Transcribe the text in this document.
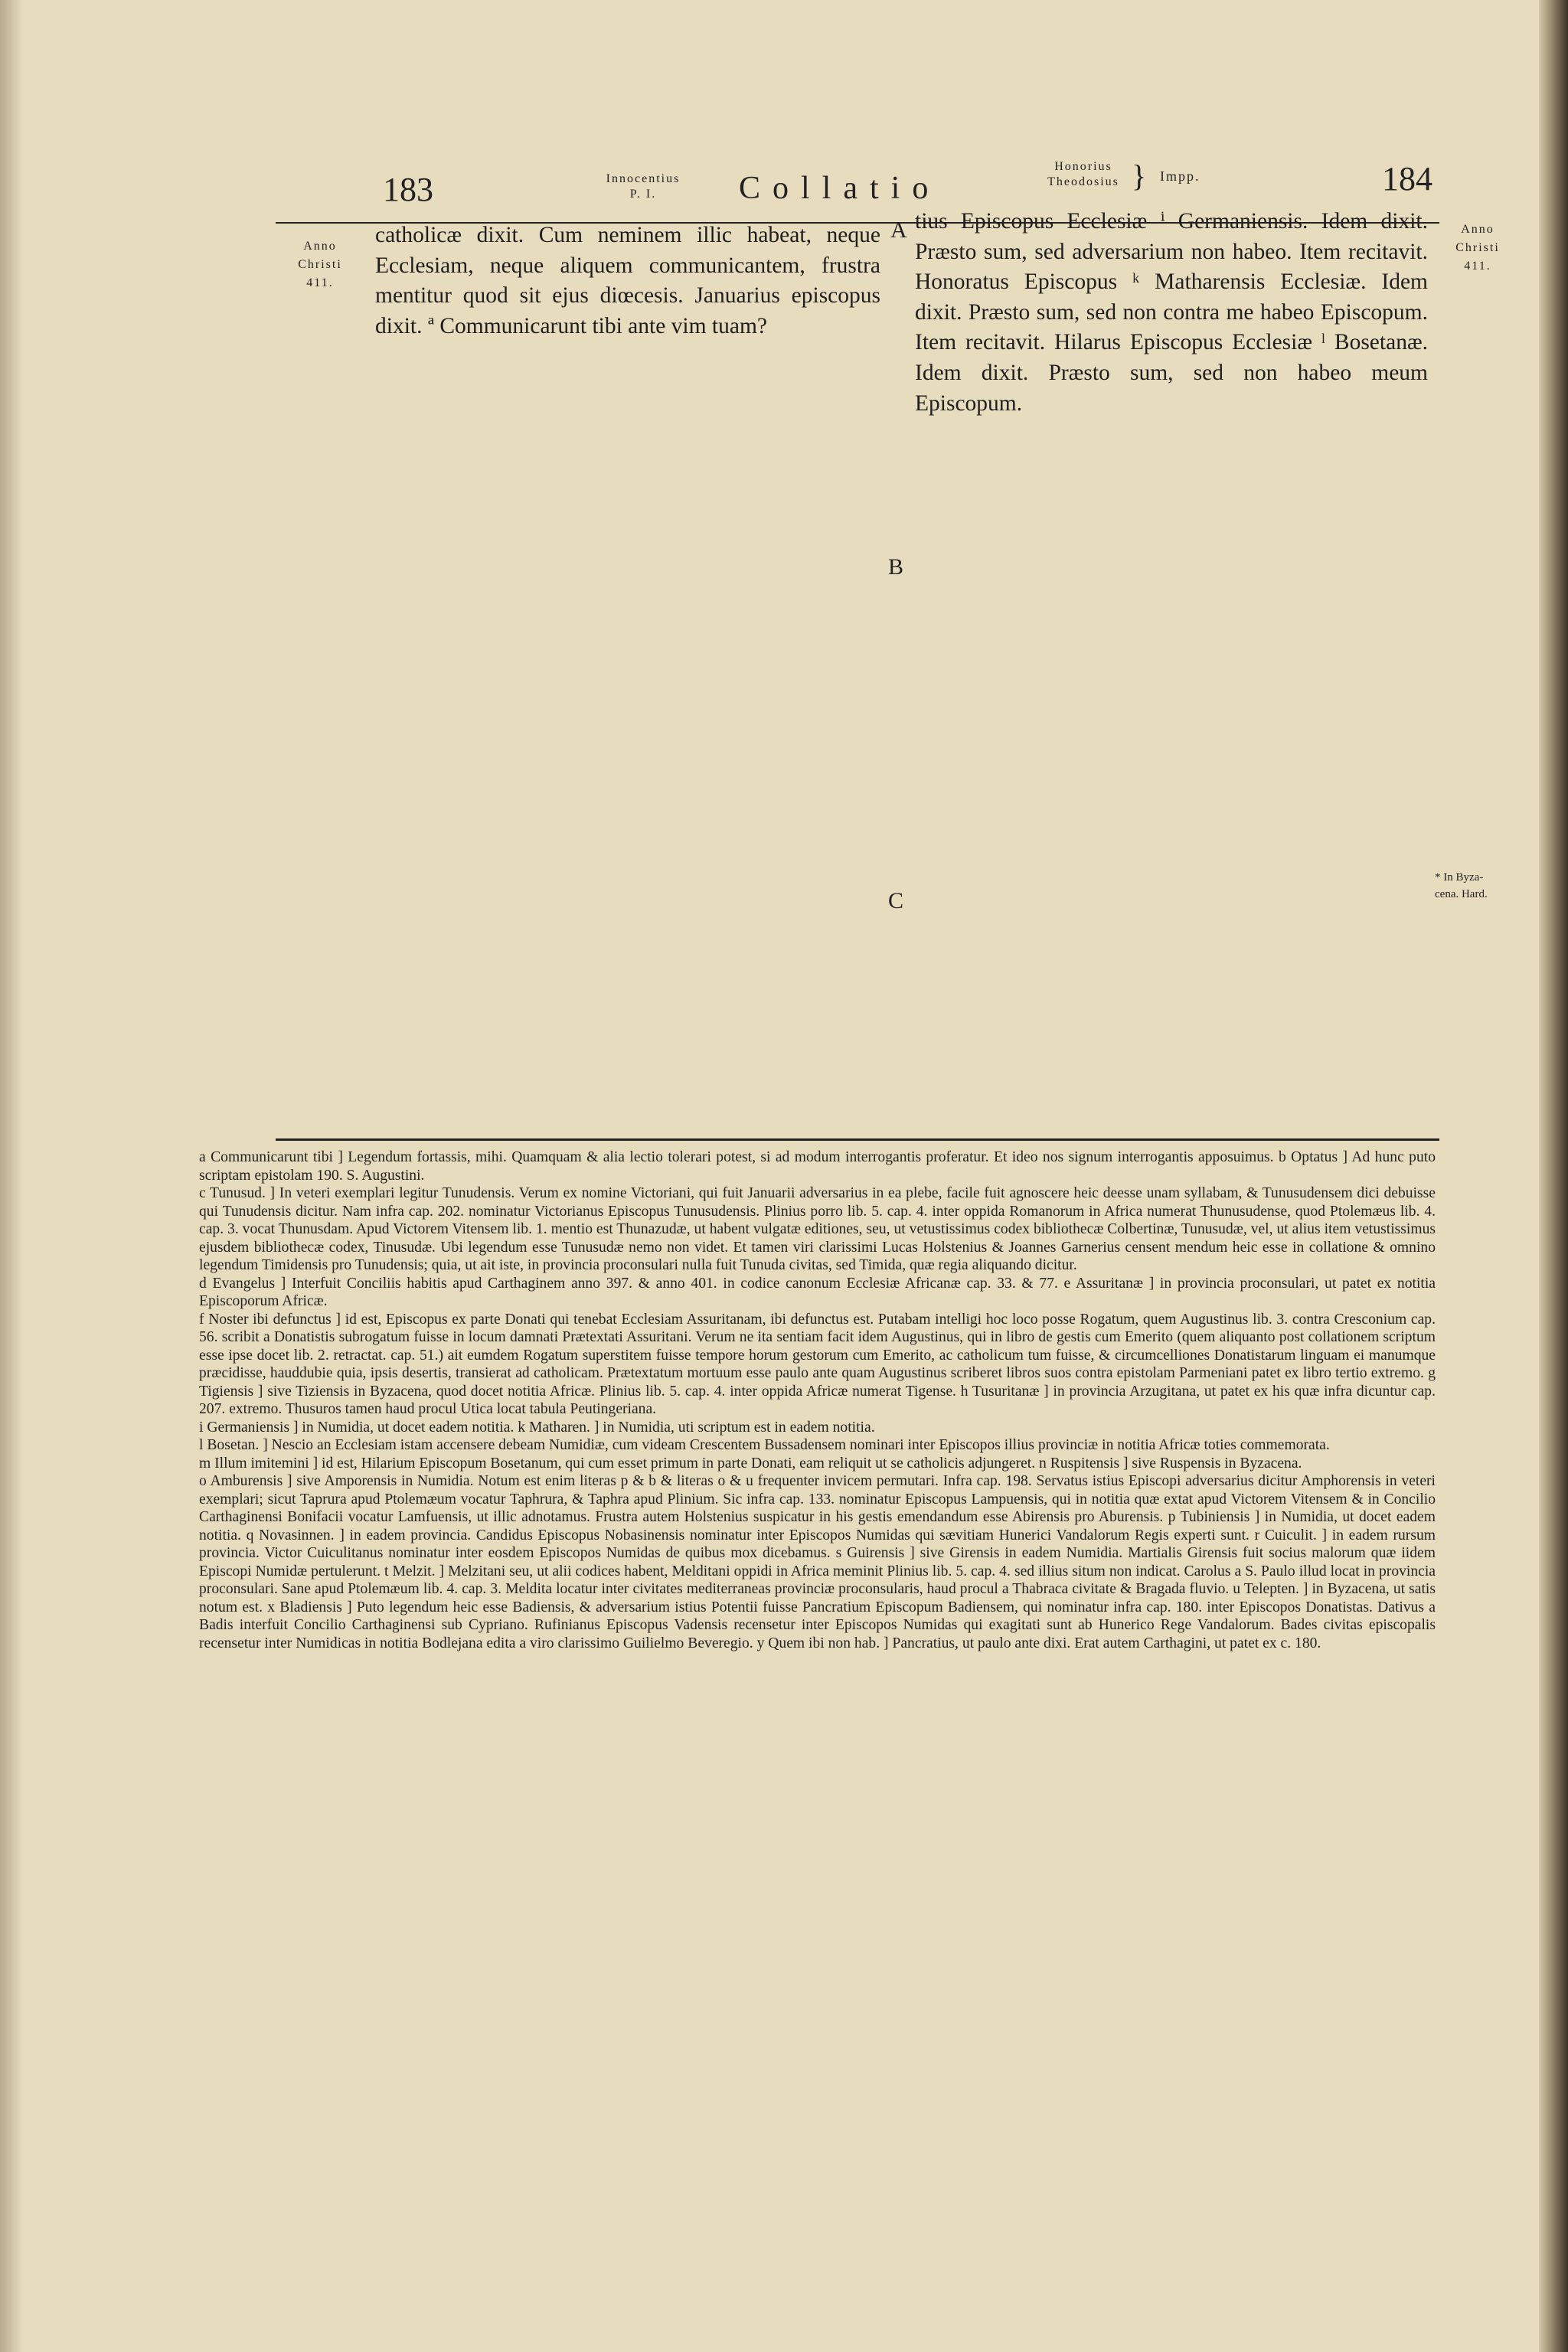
183	Innocentius
P. I.	Collatio
Honorius
Theodosius } Impp.	184
Anno
Christi
411.
Anno
Christi
411.
A
B
C
* In Byza-
cena. Hard.

catholicæ dixit. Cum neminem illic habeat, neque Ecclesiam, neque aliquem communicantem, frustra mentitur quod sit ejus diœcesis. Januarius episcopus dixit. ª Communicarunt tibi ante vim tuam?

tius Episcopus Ecclesiæ ⁱ Germaniensis. Idem dixit. Præsto sum, sed adversarium non habeo. Item recitavit. Honoratus Episcopus ᵏ Matharensis Ecclesiæ. Idem dixit. Præsto sum, sed non contra me habeo Episcopum. Item recitavit. Hilarus Episcopus Ecclesiæ ˡ Bosetanæ. Idem dixit. Præsto sum, sed non habeo meum Episcopum.

a Communicarunt tibi ] Legendum fortassis, mihi. Quamquam & alia lectio tolerari potest, si ad modum interrogantis proferatur. Et ideo nos signum interrogantis apposuimus. b Optatus ] Ad hunc puto scriptam epistolam 190. S. Augustini.

c Tunusud. ] In veteri exemplari legitur Tunudensis. Verum ex nomine Victoriani, qui fuit Januarii adversarius in ea plebe, facile fuit agnoscere heic deesse unam syllabam, & Tunusudensem dici debuisse qui Tunudensis dicitur. Nam infra cap. 202. nominatur Victorianus Episcopus Tunusudensis. Plinius porro lib. 5. cap. 4. inter oppida Romanorum in Africa numerat Thunusudense, quod Ptolemæus lib. 4. cap. 3. vocat Thunusdam. Apud Victorem Vitensem lib. 1. mentio est Thunazudæ, ut habent vulgatæ editiones, seu, ut vetustissimus codex bibliothecæ Colbertinæ, Tunusudæ, vel, ut alius item vetustissimus ejusdem bibliothecæ codex, Tinusudæ. Ubi legendum esse Tunusudæ nemo non videt. Et tamen viri clarissimi Lucas Holstenius & Joannes Garnerius censent mendum heic esse in collatione & omnino legendum Timidensis pro Tunudensis; quia, ut ait iste, in provincia proconsulari nulla fuit Tunuda civitas, sed Timida, quæ regia aliquando dicitur.

d Evangelus ] Interfuit Conciliis habitis apud Carthaginem anno 397. & anno 401. in codice canonum Ecclesiæ Africanæ cap. 33. & 77. e Assuritanæ ] in provincia proconsulari, ut patet ex notitia Episcoporum Africæ.

f Noster ibi defunctus ] id est, Episcopus ex parte Donati qui tenebat Ecclesiam Assuritanam, ibi defunctus est. Putabam intelligi hoc loco posse Rogatum, quem Augustinus lib. 3. contra Cresconium cap. 56. scribit a Donatistis subrogatum fuisse in locum damnati Prætextati Assuritani. Verum ne ita sentiam facit idem Augustinus, qui in libro de gestis cum Emerito (quem aliquanto post collationem scriptum esse ipse docet lib. 2. retractat. cap. 51.) ait eumdem Rogatum superstitem fuisse tempore horum gestorum cum Emerito, ac catholicum tum fuisse, & circumcelliones Donatistarum linguam ei manumque præcidisse, hauddubie quia, ipsis desertis, transierat ad catholicam. Prætextatum mortuum esse paulo ante quam Augustinus scriberet libros suos contra epistolam Parmeniani patet ex libro tertio extremo. g Tigiensis ] sive Tiziensis in Byzacena, quod docet notitia Africæ. Plinius lib. 5. cap. 4. inter oppida Africæ numerat Tigense. h Tusuritanæ ] in provincia Arzugitana, ut patet ex his quæ infra dicuntur cap. 207. extremo. Thusuros tamen haud procul Utica locat tabula Peutingeriana.

i Germaniensis ] in Numidia, ut docet eadem notitia. k Matharen. ] in Numidia, uti scriptum est in eadem notitia.

l Bosetan. ] Nescio an Ecclesiam istam accensere debeam Numidiæ, cum videam Crescentem Bussadensem nominari inter Episcopos illius provinciæ in notitia Africæ toties commemorata.

m Illum imitemini ] id est, Hilarium Episcopum Bosetanum, qui cum esset primum in parte Donati, eam reliquit ut se catholicis adjungeret. n Ruspitensis ] sive Ruspensis in Byzacena.

o Amburensis ] sive Amporensis in Numidia. Notum est enim literas p & b & literas o & u frequenter invicem permutari. Infra cap. 198. Servatus istius Episcopi adversarius dicitur Amphorensis in veteri exemplari; sicut Taprura apud Ptolemæum vocatur Taphrura, & Taphra apud Plinium. Sic infra cap. 133. nominatur Episcopus Lampuensis, qui in notitia quæ extat apud Victorem Vitensem & in Concilio Carthaginensi Bonifacii vocatur Lamfuensis, ut illic adnotamus. Frustra autem Holstenius suspicatur in his gestis emendandum esse Abirensis pro Aburensis. p Tubiniensis ] in Numidia, ut docet eadem notitia. q Novasinnen. ] in eadem provincia. Candidus Episcopus Nobasinensis nominatur inter Episcopos Numidas qui sævitiam Hunerici Vandalorum Regis experti sunt. r Cuiculit. ] in eadem rursum provincia. Victor Cuiculitanus nominatur inter eosdem Episcopos Numidas de quibus mox dicebamus. s Guirensis ] sive Girensis in eadem Numidia. Martialis Girensis fuit socius malorum quæ iidem Episcopi Numidæ pertulerunt. t Melzit. ] Melzitani seu, ut alii codices habent, Melditani oppidi in Africa meminit Plinius lib. 5. cap. 4. sed illius situm non indicat. Carolus a S. Paulo illud locat in provincia proconsulari. Sane apud Ptolemæum lib. 4. cap. 3. Meldita locatur inter civitates mediterraneas provinciæ proconsularis, haud procul a Thabraca civitate & Bragada fluvio. u Telepten. ] in Byzacena, ut satis notum est. x Bladiensis ] Puto legendum heic esse Badiensis, & adversarium istius Potentii fuisse Pancratium Episcopum Badiensem, qui nominatur infra cap. 180. inter Episcopos Donatistas. Dativus a Badis interfuit Concilio Carthaginensi sub Cypriano. Rufinianus Episcopus Vadensis recensetur inter Episcopos Numidas qui exagitati sunt ab Hunerico Rege Vandalorum. Bades civitas episcopalis recensetur inter Numidicas in notitia Bodlejana edita a viro clarissimo Guilielmo Beveregio. y Quem ibi non hab. ] Pancratius, ut paulo ante dixi. Erat autem Carthagini, ut patet ex c. 180.
